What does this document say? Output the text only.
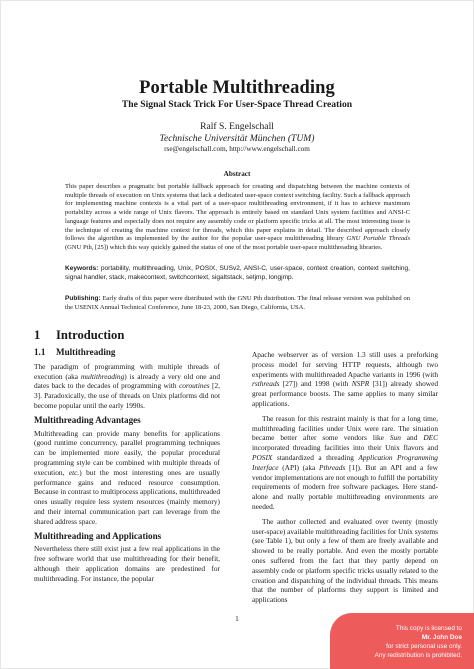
Portable Multithreading
The Signal Stack Trick For User-Space Thread Creation
Ralf S. Engelschall
Technische Universität München (TUM)
rse@engelschall.com, http://www.engelschall.com
Abstract
This paper describes a pragmatic but portable fallback approach for creating and dispatching between the machine contexts of multiple threads of execution on Unix systems that lack a dedicated user-space context switching facility. Such a fallback approach for implementing machine contexts is a vital part of a user-space multithreading environment, if it has to achieve maximum portability across a wide range of Unix flavors. The approach is entirely based on standard Unix system facilities and ANSI-C language features and especially does not require any assembly code or platform specific tricks at all. The most interesting issue is the technique of creating the machine context for threads, which this paper explains in detail. The described approach closely follows the algorithm as implemented by the author for the popular user-space multithreading library GNU Portable Threads (GNU Pth, [25]) which this way quickly gained the status of one of the most portable user-space multithreading libraries.
Keywords: portability, multithreading, Unix, POSIX, SUSv2, ANSI-C, user-space, context creation, context switching, signal handler, stack, makecontext, switchcontext, sigaltstack, setjmp, longjmp.
Publishing: Early drafts of this paper were distributed with the GNU Pth distribution. The final release version was published on the USENIX Annual Technical Conference, June 18-23, 2000, San Diego, California, USA.
1 Introduction
1.1 Multithreading

The paradigm of programming with multiple threads of execution (aka multithreading) is already a very old one and dates back to the decades of programming with coroutines [2, 3]. Paradoxically, the use of threads on Unix platforms did not become popular until the early 1990s.

Multithreading Advantages

Multithreading can provide many benefits for applications (good runtime concurrency, parallel programming techniques can be implemented more easily, the popular procedural programming style can be combined with multiple threads of execution, etc.) but the most interesting ones are usually performance gains and reduced resource consumption. Because in contrast to multiprocess applications, multithreaded ones usually require less system resources (mainly memory) and their internal communication part can leverage from the shared address space.

Multithreading and Applications

Nevertheless there still exist just a few real applications in the free software world that use multithreading for their benefit, although their application domains are predestined for multithreading. For instance, the popular

Apache webserver as of version 1.3 still uses a preforking process model for serving HTTP requests, although two experiments with multithreaded Apache variants in 1996 (with rsthreads [27]) and 1998 (with NSPR [31]) already showed great performance boosts. The same applies to many similar applications.

The reason for this restraint mainly is that for a long time, multithreading facilities under Unix were rare. The situation became better after some vendors like Sun and DEC incorporated threading facilities into their Unix flavors and POSIX standardized a threading Application Programming Interface (API) (aka Pthreads [1]). But an API and a few vendor implementations are not enough to fulfill the portability requirements of modern free software packages. Here stand-alone and really portable multithreading environments are needed.

The author collected and evaluated over twenty (mostly user-space) available multithreading facilities for Unix systems (see Table 1), but only a few of them are freely available and showed to be really portable. And even the mostly portable ones suffered from the fact that they partly depend on assembly code or platform specific tricks usually related to the creation and dispatching of the individual threads. This means that the number of platforms they support is limited and applications

1
This copy is licensed to
Mr. John Doe
for strict personal use only.
Any redistribution is prohibited.
